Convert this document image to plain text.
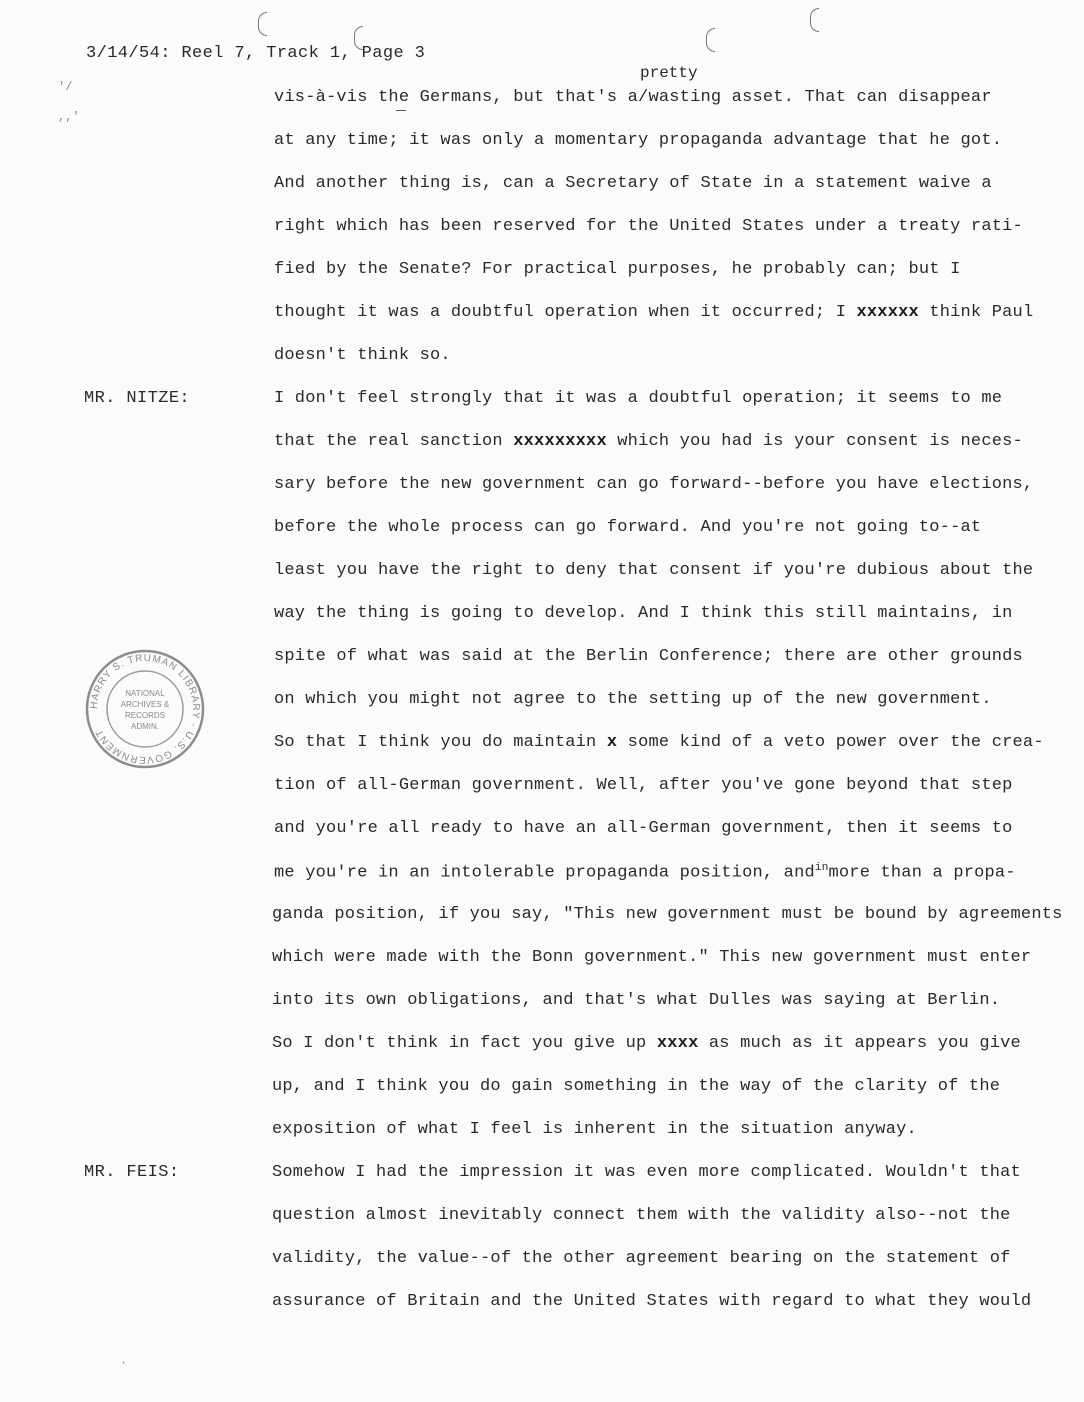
'/
,,'
·
3/14/54: Reel 7, Track 1, Page 3
pretty
vis-à-vis the Germans, but that's a/wasting asset. That can disappear
at any time; it was only a momentary propaganda advantage that he got.
And another thing is, can a Secretary of State in a statement waive a
right which has been reserved for the United States under a treaty rati-
fied by the Senate? For practical purposes, he probably can; but I
thought it was a doubtful operation when it occurred; I xxxxxx think Paul
doesn't think so.
MR. NITZE:	I don't feel strongly that it was a doubtful operation; it seems to me
that the real sanction xxxxxxxxx which you had is your consent is neces-
sary before the new government can go forward--before you have elections,
before the whole process can go forward. And you're not going to--at
least you have the right to deny that consent if you're dubious about the
way the thing is going to develop. And I think this still maintains, in
spite of what was said at the Berlin Conference; there are other grounds
on which you might not agree to the setting up of the new government.
So that I think you do maintain x some kind of a veto power over the crea-
tion of all-German government. Well, after you've gone beyond that step
and you're all ready to have an all-German government, then it seems to
me you're in an intolerable propaganda position, and$^{in}$more than a propa-
ganda position, if you say, "This new government must be bound by agreements
which were made with the Bonn government." This new government must enter
into its own obligations, and that's what Dulles was saying at Berlin.
So I don't think in fact you give up xxxx as much as it appears you give
up, and I think you do gain something in the way of the clarity of the
exposition of what I feel is inherent in the situation anyway.
MR. FEIS:	Somehow I had the impression it was even more complicated. Wouldn't that
question almost inevitably connect them with the validity also--not the
validity, the value--of the other agreement bearing on the statement of
assurance of Britain and the United States with regard to what they would
HARRY S. TRUMAN LIBRARY · U.S. GOVERNMENT
NATIONAL
ARCHIVES &
RECORDS
ADMIN.
